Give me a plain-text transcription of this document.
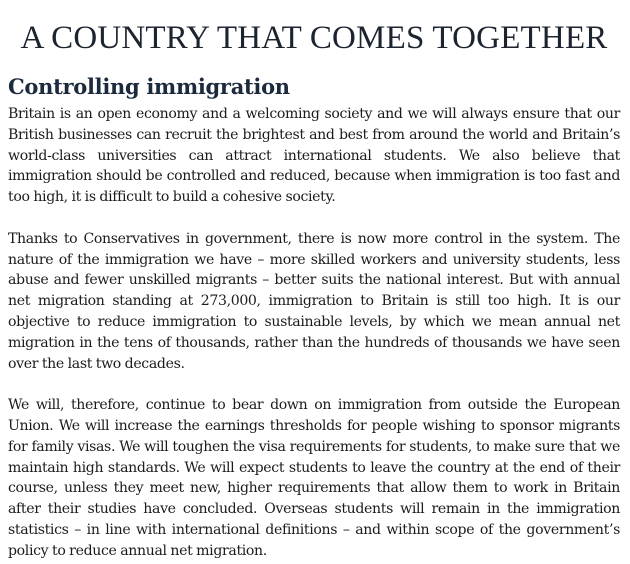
A COUNTRY THAT COMES TOGETHER
Controlling immigration

Britain is an open economy and a welcoming society and we will always ensure that our British businesses can recruit the brightest and best from around the world and Britain’s world-class universities can attract international students. We also believe that immigration should be controlled and reduced, because when immigration is too fast and too high, it is difficult to build a cohesive society.

Thanks to Conservatives in government, there is now more control in the system. The nature of the immigration we have – more skilled workers and university students, less abuse and fewer unskilled migrants – better suits the national interest. But with annual net migration standing at 273,000, immigration to Britain is still too high. It is our objective to reduce immigration to sustainable levels, by which we mean annual net migration in the tens of thousands, rather than the hundreds of thousands we have seen over the last two decades.

We will, therefore, continue to bear down on immigration from outside the European Union. We will increase the earnings thresholds for people wishing to sponsor migrants for family visas. We will toughen the visa requirements for students, to make sure that we maintain high standards. We will expect students to leave the country at the end of their course, unless they meet new, higher requirements that allow them to work in Britain after their studies have concluded. Overseas students will remain in the immigration statistics – in line with international definitions – and within scope of the government’s policy to reduce annual net migration.
